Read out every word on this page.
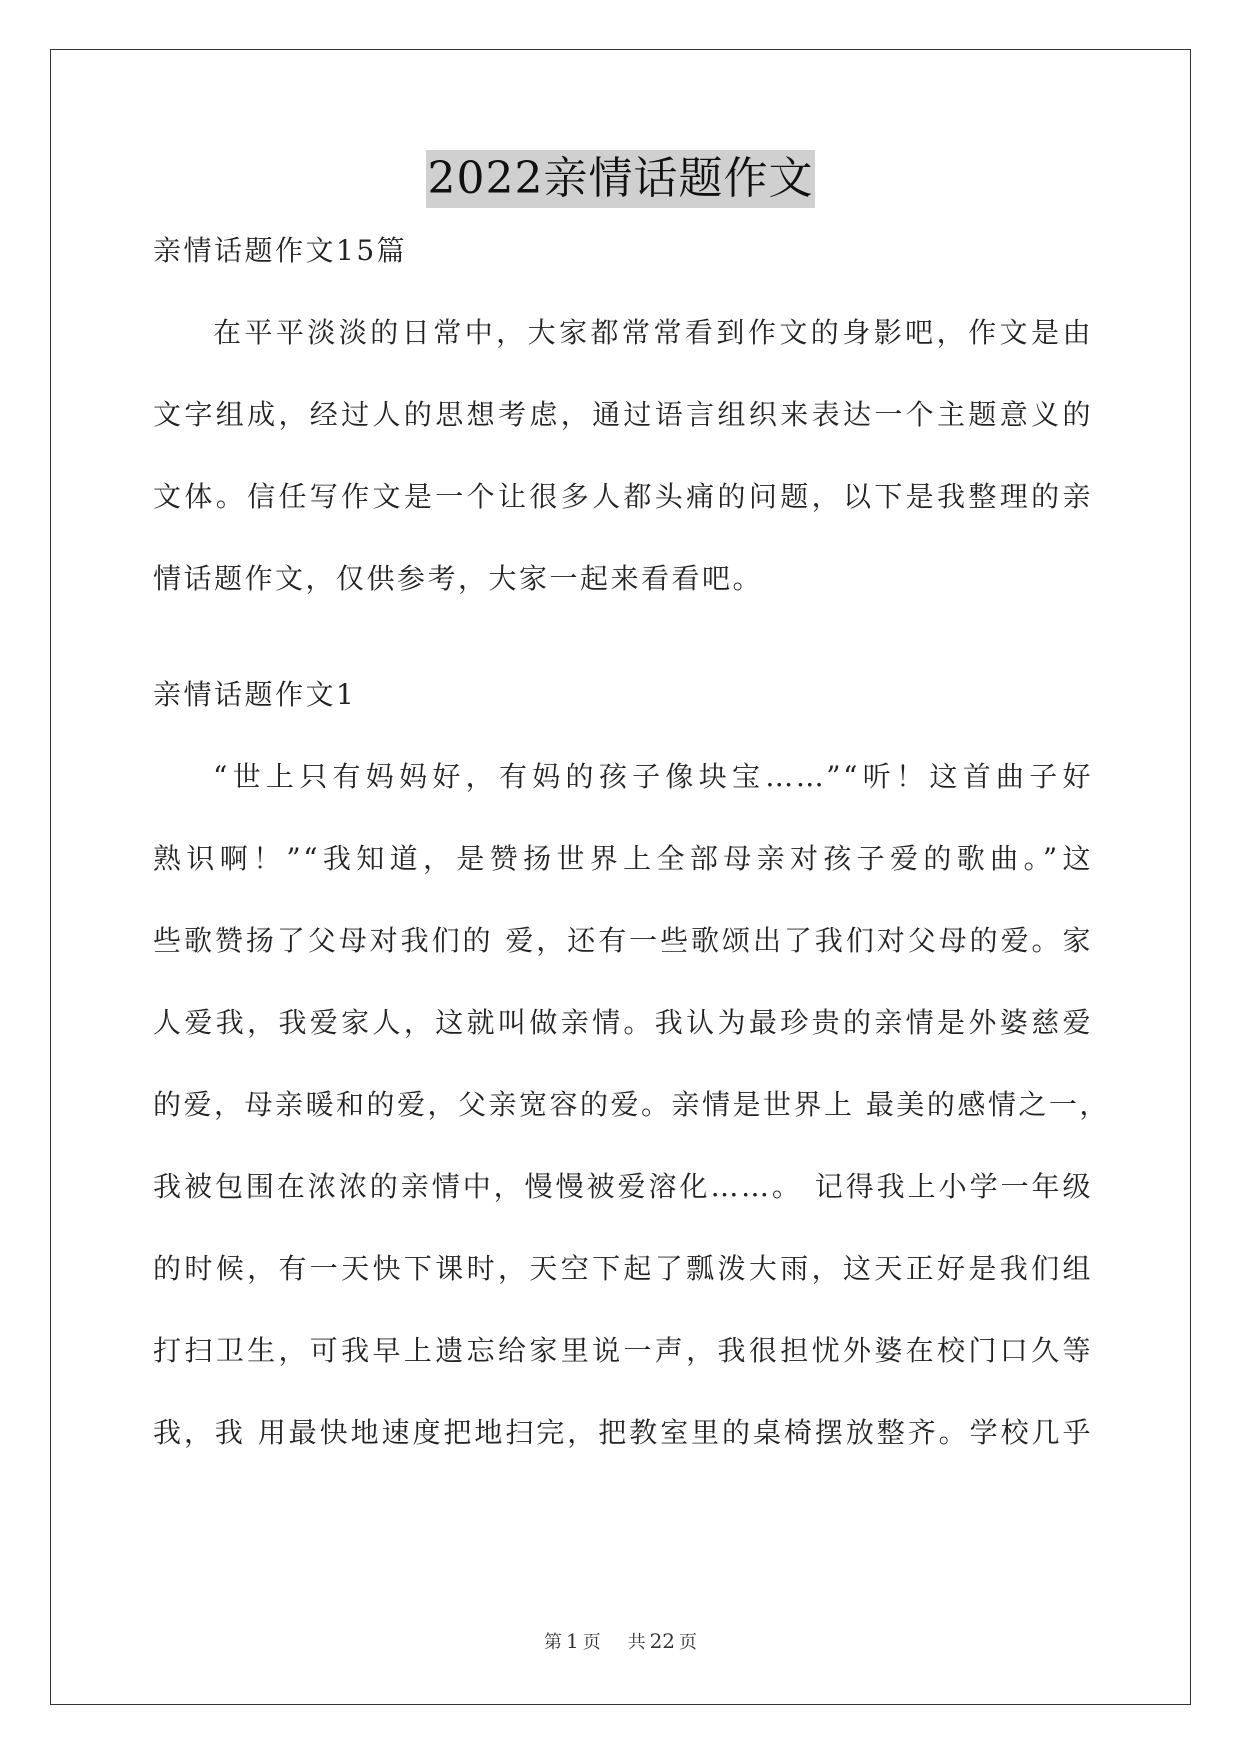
2022亲情话题作文

亲情话题作文15篇

在平平淡淡的日常中，大家都常常看到作文的身影吧，作文是由

文字组成，经过人的思想考虑，通过语言组织来表达一个主题意义的

文体。信任写作文是一个让很多人都头痛的问题，以下是我整理的亲

情话题作文，仅供参考，大家一起来看看吧。

亲情话题作文1

“世上只有妈妈好，有妈的孩子像块宝……”“听！这首曲子好

熟识啊！”“我知道，是赞扬世界上全部母亲对孩子爱的歌曲。”这

些歌赞扬了父母对我们的 爱，还有一些歌颂出了我们对父母的爱。家

人爱我，我爱家人，这就叫做亲情。我认为最珍贵的亲情是外婆慈爱

的爱，母亲暖和的爱，父亲宽容的爱。亲情是世界上 最美的感情之一，

我被包围在浓浓的亲情中，慢慢被爱溶化……。 记得我上小学一年级

的时候，有一天快下课时，天空下起了瓢泼大雨，这天正好是我们组

打扫卫生，可我早上遗忘给家里说一声，我很担忧外婆在校门口久等

我，我 用最快地速度把地扫完，把教室里的桌椅摆放整齐。学校几乎

第 1 页 共 22 页
